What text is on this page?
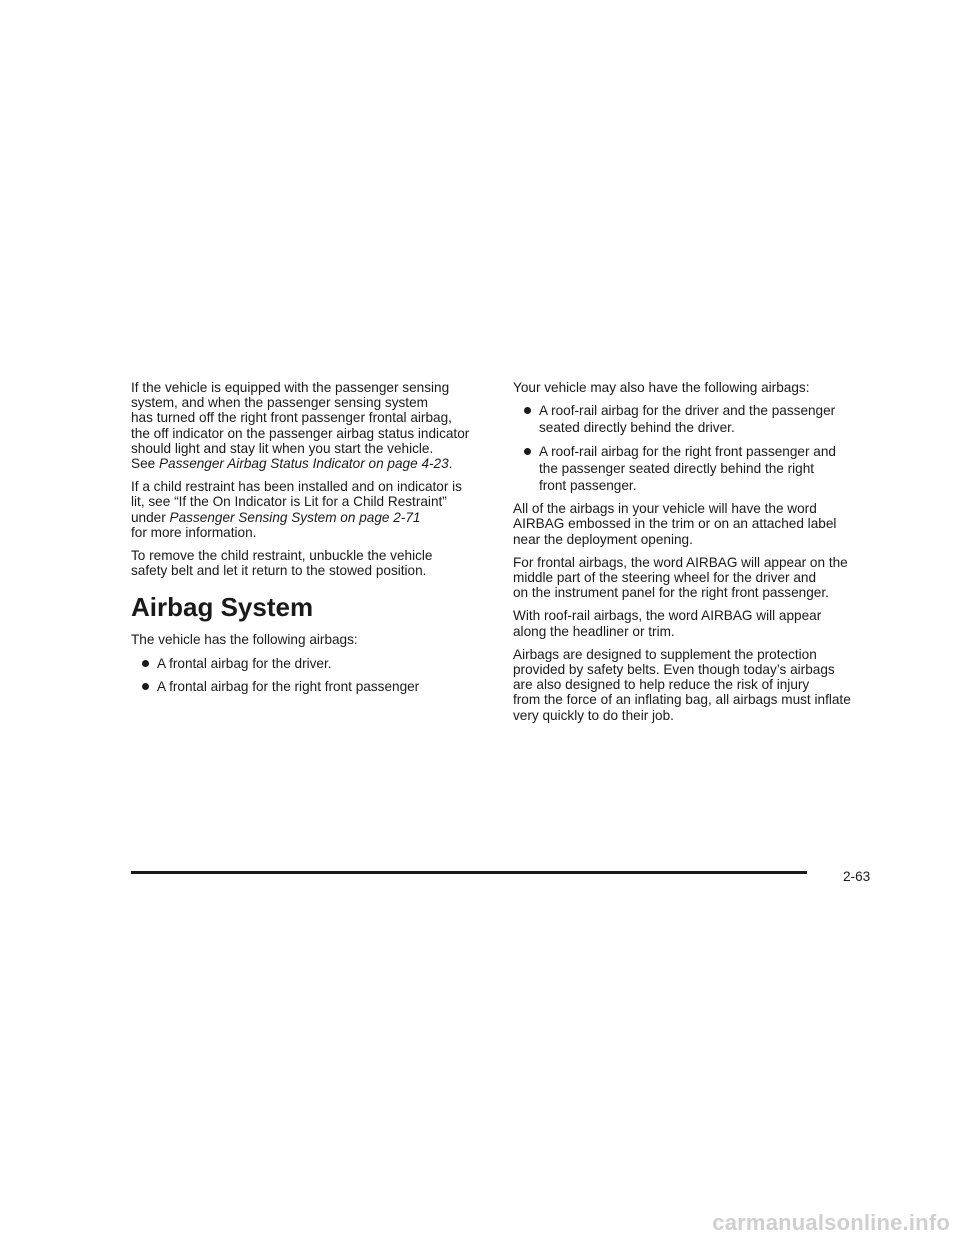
If the vehicle is equipped with the passenger sensing
system, and when the passenger sensing system
has turned off the right front passenger frontal airbag,
the off indicator on the passenger airbag status indicator
should light and stay lit when you start the vehicle.
See Passenger Airbag Status Indicator on page 4-23.

If a child restraint has been installed and on indicator is
lit, see “If the On Indicator is Lit for a Child Restraint”
under Passenger Sensing System on page 2-71
for more information.

To remove the child restraint, unbuckle the vehicle
safety belt and let it return to the stowed position.

Airbag System

The vehicle has the following airbags:

A frontal airbag for the driver.
A frontal airbag for the right front passenger

Your vehicle may also have the following airbags:

A roof-rail airbag for the driver and the passenger
seated directly behind the driver.
A roof-rail airbag for the right front passenger and
the passenger seated directly behind the right
front passenger.

All of the airbags in your vehicle will have the word
AIRBAG embossed in the trim or on an attached label
near the deployment opening.

For frontal airbags, the word AIRBAG will appear on the
middle part of the steering wheel for the driver and
on the instrument panel for the right front passenger.

With roof-rail airbags, the word AIRBAG will appear
along the headliner or trim.

Airbags are designed to supplement the protection
provided by safety belts. Even though today’s airbags
are also designed to help reduce the risk of injury
from the force of an inflating bag, all airbags must inflate
very quickly to do their job.

2-63
carmanualsonline.info
